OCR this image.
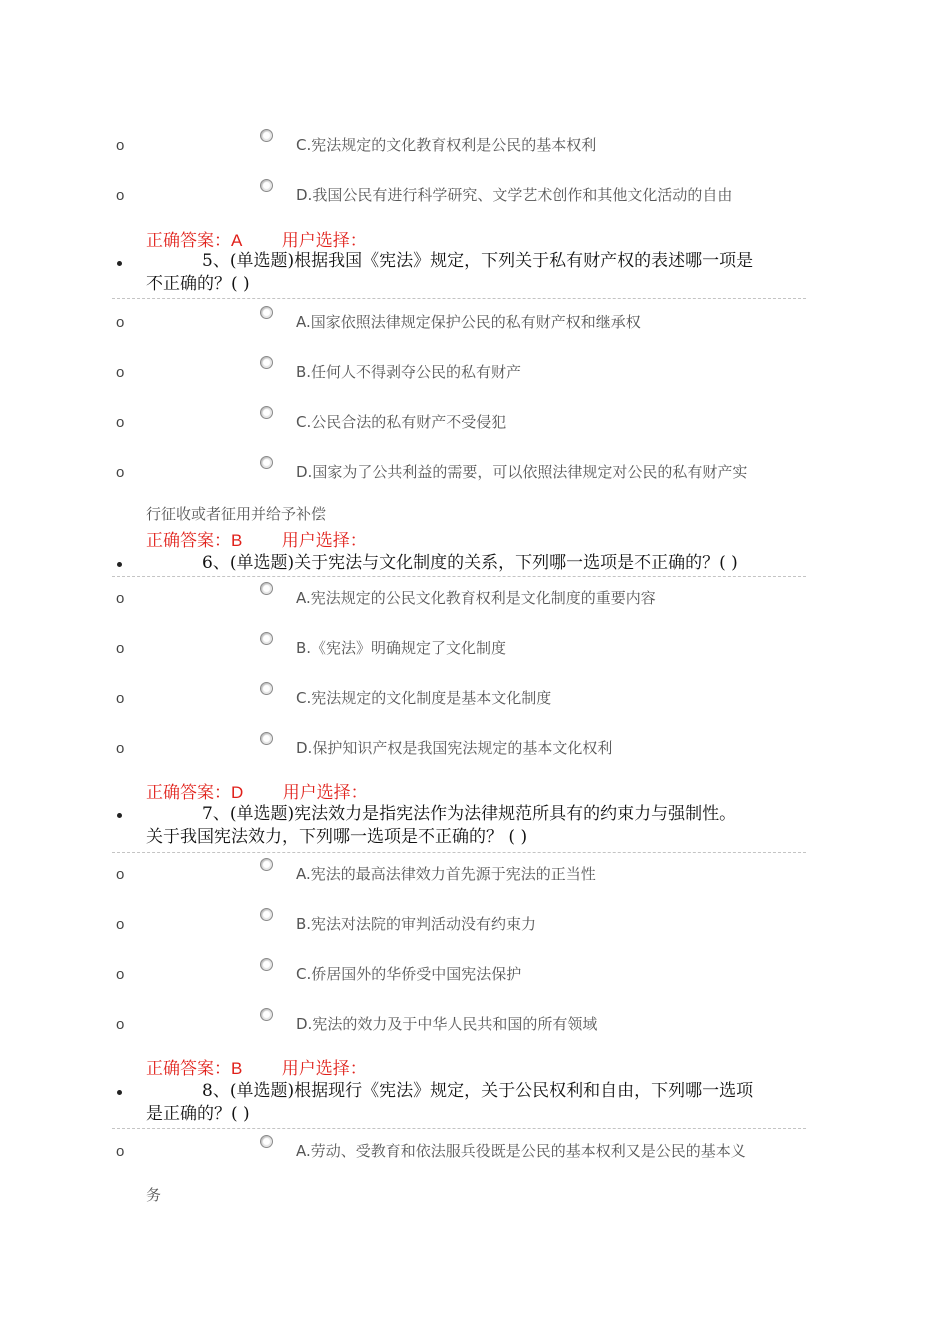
o	C.宪法规定的文化教育权利是公民的基本权利
o	D.我国公民有进行科学研究、文学艺术创作和其他文化活动的自由
正确答案：A 用户选择：
5、(单选题)根据我国《宪法》规定，下列关于私有财产权的表述哪一项是
不正确的？( )
o	A.国家依照法律规定保护公民的私有财产权和继承权
o	B.任何人不得剥夺公民的私有财产
o	C.公民合法的私有财产不受侵犯
o	D.国家为了公共利益的需要，可以依照法律规定对公民的私有财产实
行征收或者征用并给予补偿
正确答案：B 用户选择：
6、(单选题)关于宪法与文化制度的关系，下列哪一选项是不正确的？( )
o	A.宪法规定的公民文化教育权利是文化制度的重要内容
o	B.《宪法》明确规定了文化制度
o	C.宪法规定的文化制度是基本文化制度
o	D.保护知识产权是我国宪法规定的基本文化权利
正确答案：D 用户选择：
7、(单选题)宪法效力是指宪法作为法律规范所具有的约束力与强制性。
关于我国宪法效力，下列哪一选项是不正确的？ ( )
o	A.宪法的最高法律效力首先源于宪法的正当性
o	B.宪法对法院的审判活动没有约束力
o	C.侨居国外的华侨受中国宪法保护
o	D.宪法的效力及于中华人民共和国的所有领域
正确答案：B 用户选择：
8、(单选题)根据现行《宪法》规定，关于公民权利和自由，下列哪一选项
是正确的？( )
o	A.劳动、受教育和依法服兵役既是公民的基本权利又是公民的基本义
务
